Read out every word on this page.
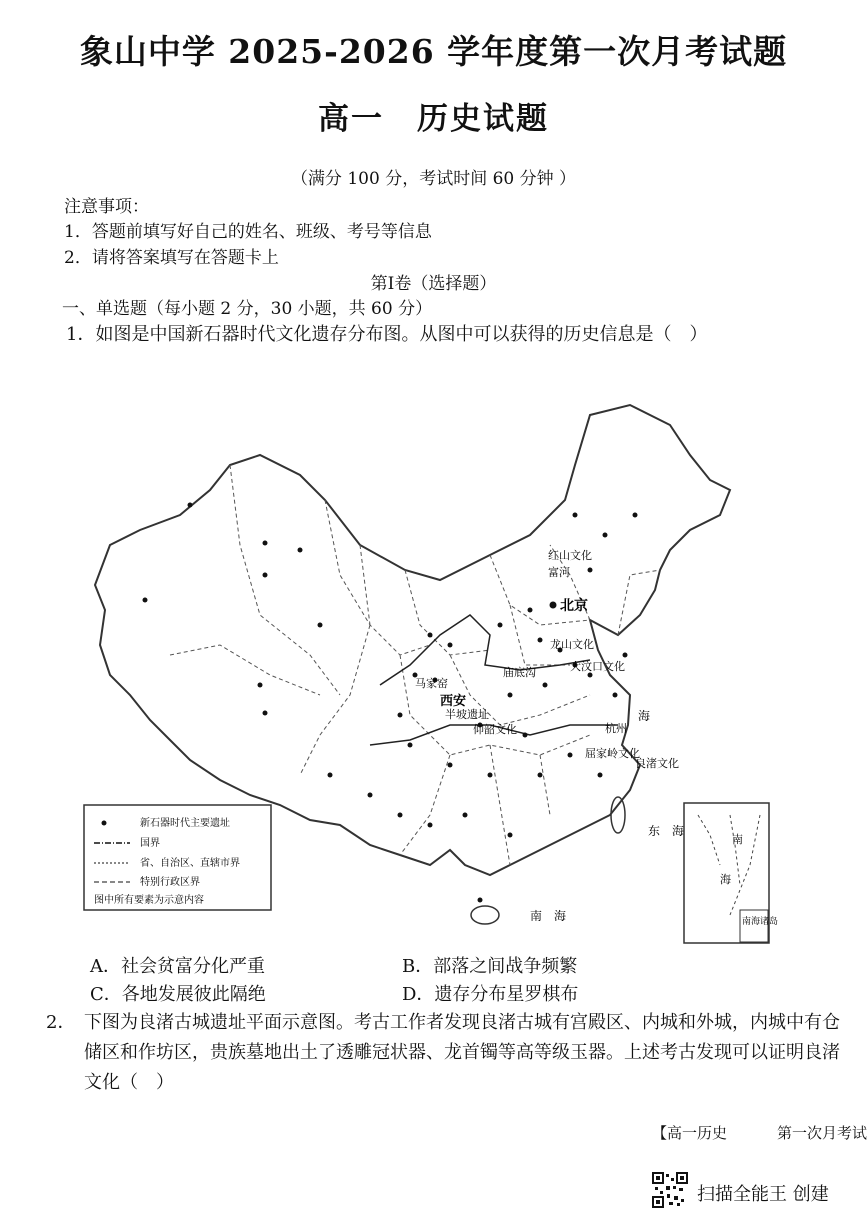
象山中学 2025-2026 学年度第一次月考试题
高一　历史试题
（满分 100 分，考试时间 60 分钟 ）
注意事项：
1．答题前填写好自己的姓名、班级、考号等信息
2．请将答案填写在答题卡上
第Ⅰ卷（选择题）
一、单选题（每小题 2 分，30 小题，共 60 分）
1．如图是中国新石器时代文化遗存分布图。从图中可以获得的历史信息是（　）
红山文化
富河
北京
大汶口文化
龙山文化
马家窑
庙底沟
西安
半坡遗址
仰韶文化
屈家岭文化
杭州
良渚文化
海
东　海
南　海
南
海
南海诸岛
新石器时代主要遗址
国界
省、自治区、直辖市界
特别行政区界
图中所有要素为示意内容
A．社会贫富分化严重	B．部落之间战争频繁
C．各地发展彼此隔绝	D．遗存分布星罗棋布
2． 下图为良渚古城遗址平面示意图。考古工作者发现良渚古城有宫殿区、内城和外城，内城中有仓储区和作坊区，贵族墓地出土了透雕冠状器、龙首镯等高等级玉器。上述考古发现可以证明良渚文化（　）
【高一历史	第一次月考试
扫描全能王 创建
